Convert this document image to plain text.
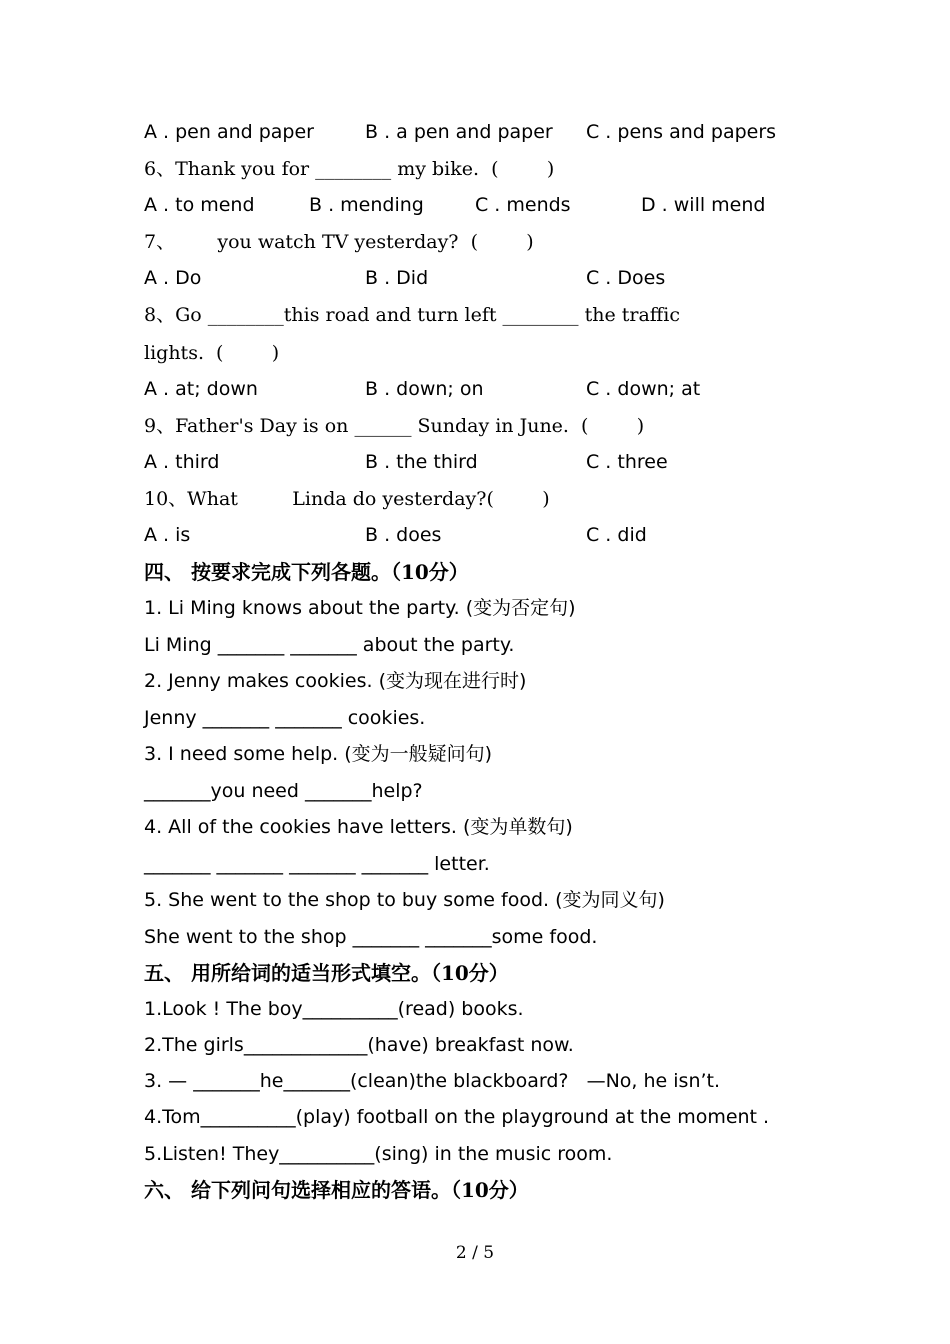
A . pen and paper	B . a pen and paper C . pens and papers
6、Thank you for ________ my bike.  (        )
A . to mend	B . mending	C . mends	D . will mend
7、       you watch TV yesterday?  (        )
A . Do	B . Did	C . Does
8、Go ________this road and turn left ________ the traffic
lights.  (        )
A . at; down	B . down; on	C . down; at
9、Father's Day is on ______ Sunday in June.  (        )
A . third	B . the third	C . three
10、What         Linda do yesterday?(        )
A . is	B . does	C . did
四、 按要求完成下列各题。（10分）
1. Li Ming knows about the party. (变为否定句)
Li Ming _______ _______ about the party.
2. Jenny makes cookies. (变为现在进行时)
Jenny _______ _______ cookies.
3. I need some help. (变为一般疑问句)
_______you need _______help?
4. All of the cookies have letters. (变为单数句)
_______ _______ _______ _______ letter.
5. She went to the shop to buy some food. (变为同义句)
She went to the shop _______ _______some food.
五、 用所给词的适当形式填空。（10分）
1.Look ! The boy__________(read) books.
2.The girls_____________(have) breakfast now.
3. — _______he_______(clean)the blackboard?   —No, he isn’t.
4.Tom__________(play) football on the playground at the moment .
5.Listen! They__________(sing) in the music room.
六、 给下列问句选择相应的答语。（10分）
2 / 5
